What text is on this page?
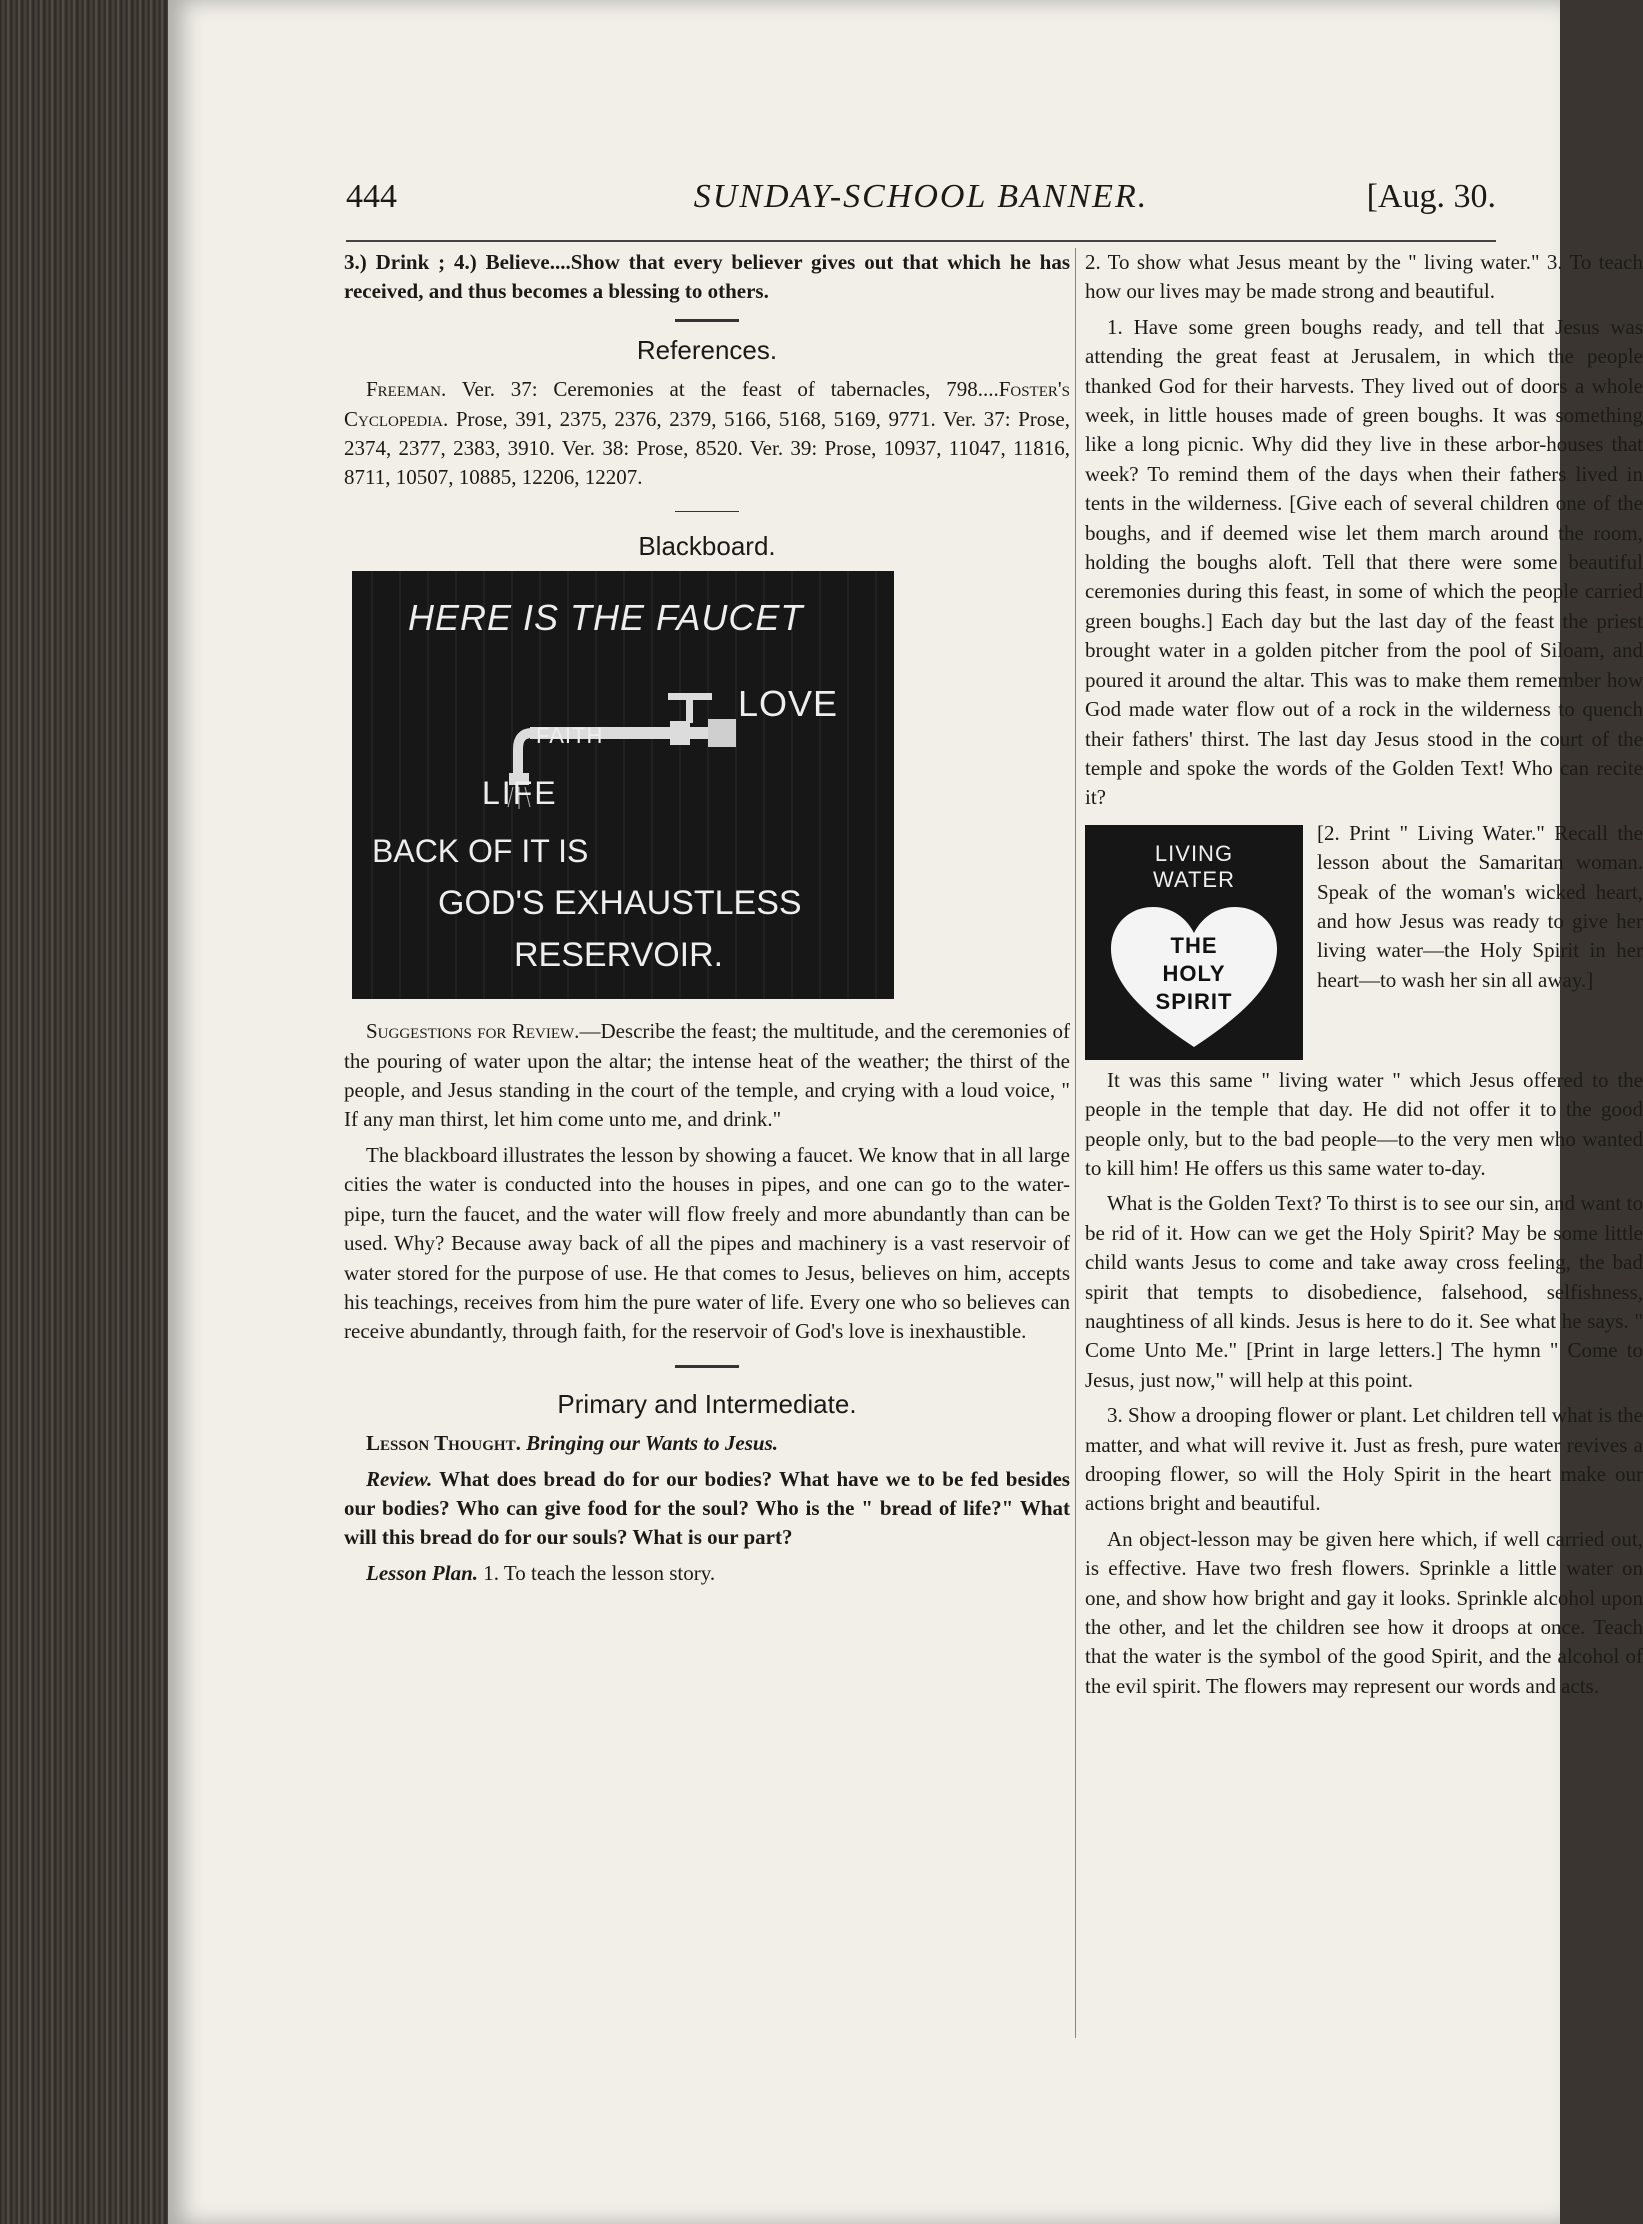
444	SUNDAY-SCHOOL BANNER.	[Aug. 30.

3.) Drink ; 4.) Believe....Show that every believer gives out that which he has received, and thus becomes a blessing to others.

References.

Freeman. Ver. 37: Ceremonies at the feast of tabernacles, 798....Foster's Cyclopedia. Prose, 391, 2375, 2376, 2379, 5166, 5168, 5169, 9771. Ver. 37: Prose, 2374, 2377, 2383, 3910. Ver. 38: Prose, 8520. Ver. 39: Prose, 10937, 11047, 11816, 8711, 10507, 10885, 12206, 12207.

Blackboard.
HERE IS THE FAUCET
FAITH
LOVE
LIFE
BACK OF IT IS
GOD'S EXHAUSTLESS
RESERVOIR.

Suggestions for Review.—Describe the feast; the multitude, and the ceremonies of the pouring of water upon the altar; the intense heat of the weather; the thirst of the people, and Jesus standing in the court of the temple, and crying with a loud voice, " If any man thirst, let him come unto me, and drink."

The blackboard illustrates the lesson by showing a faucet. We know that in all large cities the water is conducted into the houses in pipes, and one can go to the water-pipe, turn the faucet, and the water will flow freely and more abundantly than can be used. Why? Because away back of all the pipes and machinery is a vast reservoir of water stored for the purpose of use. He that comes to Jesus, believes on him, accepts his teachings, receives from him the pure water of life. Every one who so believes can receive abundantly, through faith, for the reservoir of God's love is inexhaustible.

Primary and Intermediate.

Lesson Thought. Bringing our Wants to Jesus.

Review. What does bread do for our bodies? What have we to be fed besides our bodies? Who can give food for the soul? Who is the " bread of life?" What will this bread do for our souls? What is our part?

Lesson Plan. 1. To teach the lesson story.

2. To show what Jesus meant by the " living water." 3. To teach how our lives may be made strong and beautiful.

1. Have some green boughs ready, and tell that Jesus was attending the great feast at Jerusalem, in which the people thanked God for their harvests. They lived out of doors a whole week, in little houses made of green boughs. It was something like a long picnic. Why did they live in these arbor-houses that week? To remind them of the days when their fathers lived in tents in the wilderness. [Give each of several children one of the boughs, and if deemed wise let them march around the room, holding the boughs aloft. Tell that there were some beautiful ceremonies during this feast, in some of which the people carried green boughs.] Each day but the last day of the feast the priest brought water in a golden pitcher from the pool of Siloam, and poured it around the altar. This was to make them remember how God made water flow out of a rock in the wilderness to quench their fathers' thirst. The last day Jesus stood in the court of the temple and spoke the words of the Golden Text! Who can recite it?

LIVING
WATER
THE
HOLY
SPIRIT

[2. Print " Living Water." Recall the lesson about the Samaritan woman. Speak of the woman's wicked heart, and how Jesus was ready to give her living water—the Holy Spirit in her heart—to wash her sin all away.]

It was this same " living water " which Jesus offered to the people in the temple that day. He did not offer it to the good people only, but to the bad people—to the very men who wanted to kill him! He offers us this same water to-day.

What is the Golden Text? To thirst is to see our sin, and want to be rid of it. How can we get the Holy Spirit? May be some little child wants Jesus to come and take away cross feeling, the bad spirit that tempts to disobedience, falsehood, selfishness, naughtiness of all kinds. Jesus is here to do it. See what he says. " Come Unto Me." [Print in large letters.] The hymn " Come to Jesus, just now," will help at this point.

3. Show a drooping flower or plant. Let children tell what is the matter, and what will revive it. Just as fresh, pure water revives a drooping flower, so will the Holy Spirit in the heart make our actions bright and beautiful.

An object-lesson may be given here which, if well carried out, is effective. Have two fresh flowers. Sprinkle a little water on one, and show how bright and gay it looks. Sprinkle alcohol upon the other, and let the children see how it droops at once. Teach that the water is the symbol of the good Spirit, and the alcohol of the evil spirit. The flowers may represent our words and acts.
